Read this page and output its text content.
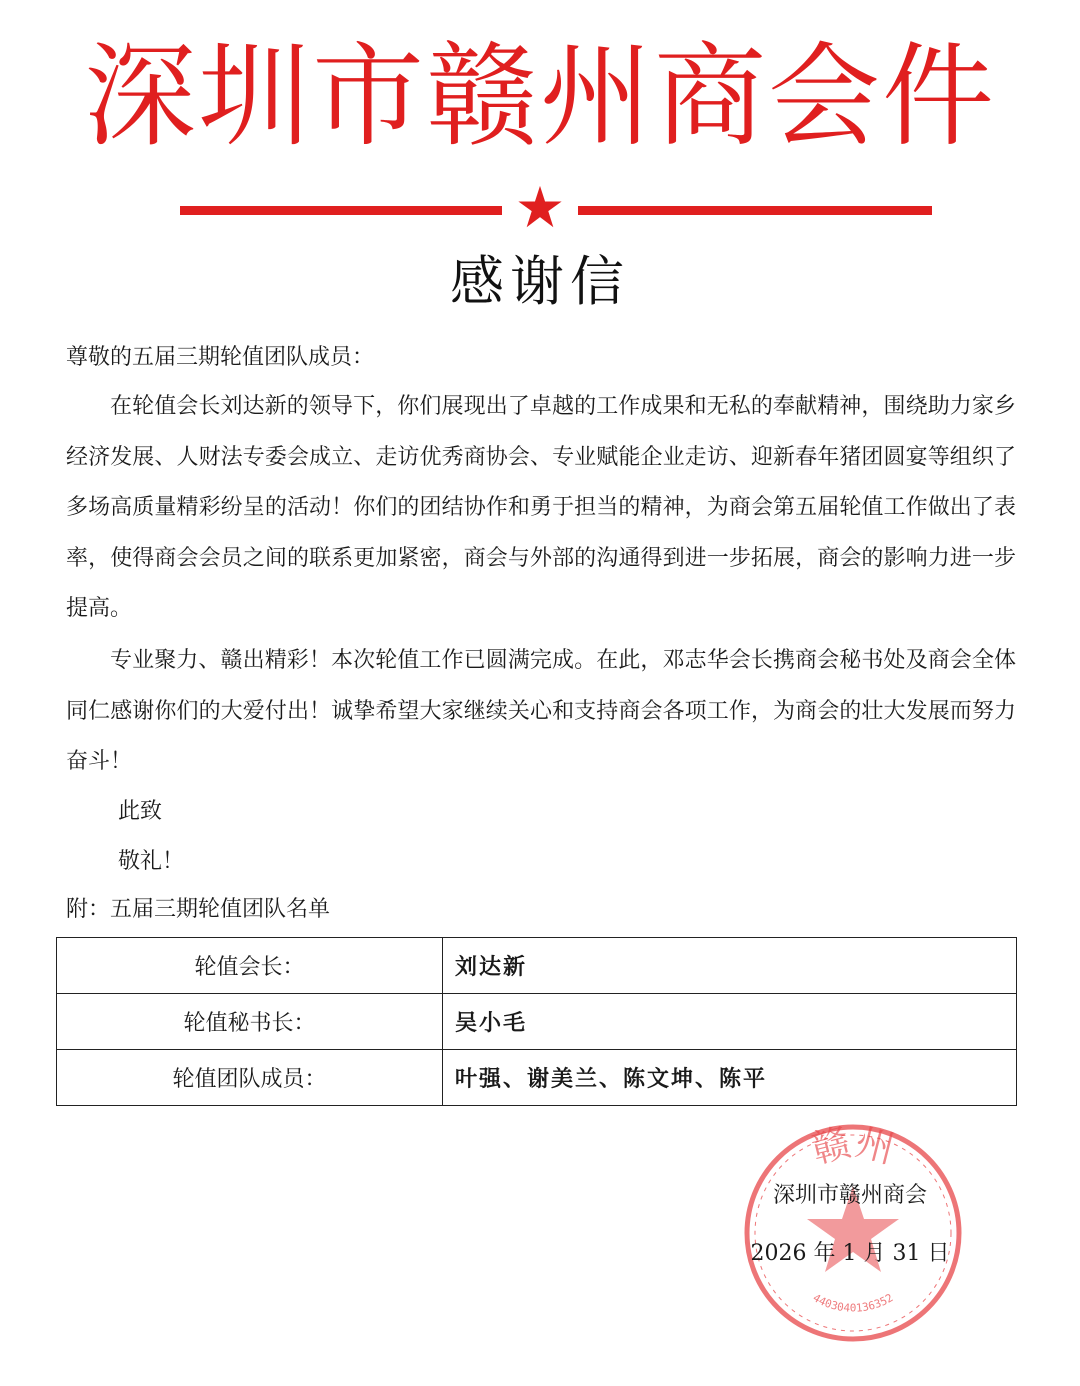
深圳市赣州商会件
感谢信
尊敬的五届三期轮值团队成员：
在轮值会长刘达新的领导下，你们展现出了卓越的工作成果和无私的奉献精神，围绕助力家乡经济发展、人财法专委会成立、走访优秀商协会、专业赋能企业走访、迎新春年猪团圆宴等组织了多场高质量精彩纷呈的活动！你们的团结协作和勇于担当的精神，为商会第五届轮值工作做出了表率，使得商会会员之间的联系更加紧密，商会与外部的沟通得到进一步拓展，商会的影响力进一步提高。
专业聚力、赣出精彩！本次轮值工作已圆满完成。在此，邓志华会长携商会秘书处及商会全体同仁感谢你们的大爱付出！诚挚希望大家继续关心和支持商会各项工作，为商会的壮大发展而努力奋斗！
此致
敬礼！
附：五届三期轮值团队名单
轮值会长：	刘达新
轮值秘书长：	吴小毛
轮值团队成员：	叶强、谢美兰、陈文坤、陈平
赣州
4403040136352
深圳市赣州商会
2026 年 1 月 31 日
